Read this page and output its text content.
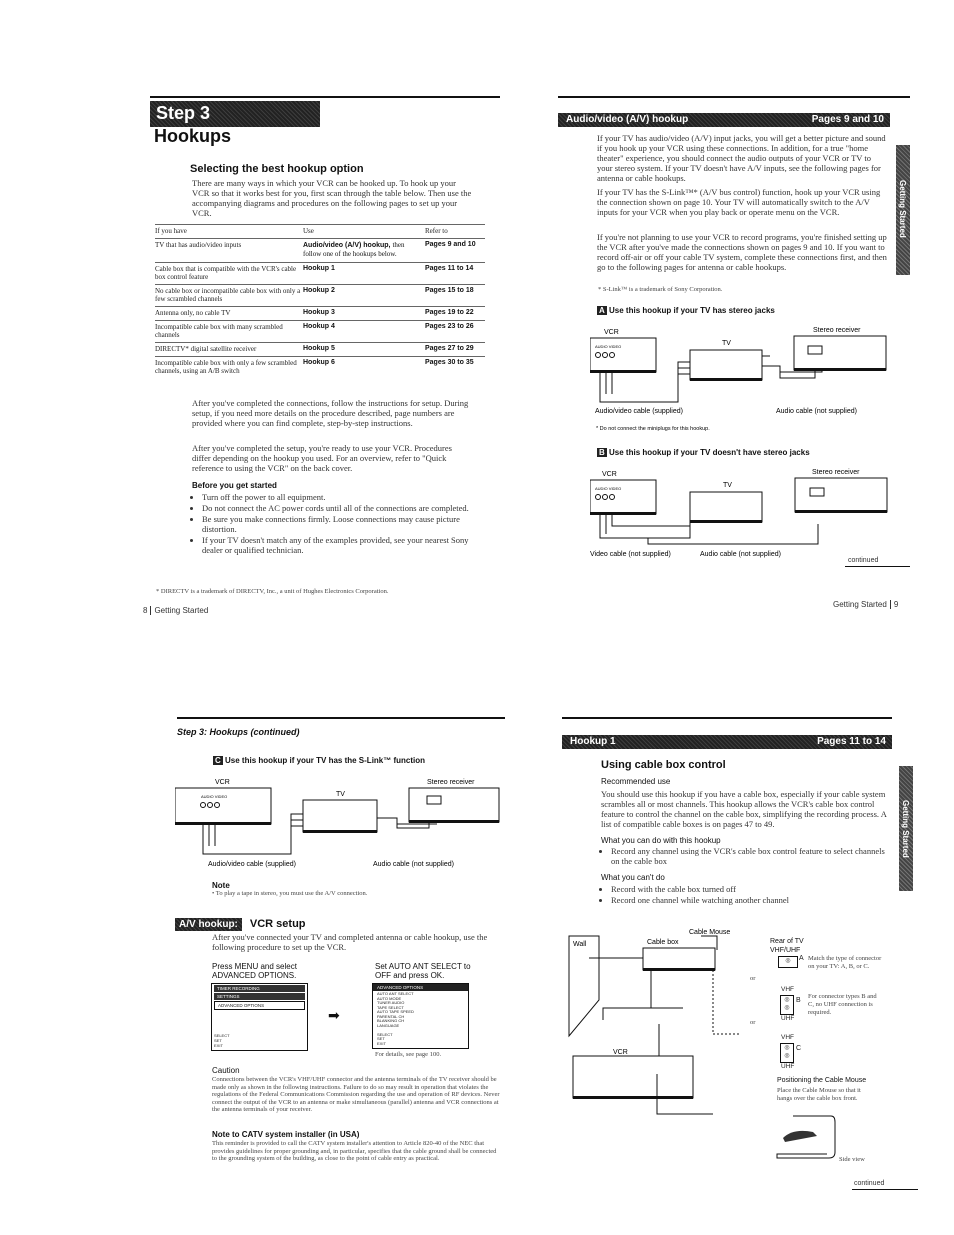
Step 3
Hookups
Selecting the best hookup option
There are many ways in which your VCR can be hooked up. To hook up your VCR so that it works best for you, first scan through the table below. Then use the accompanying diagrams and procedures on the following pages to set up your VCR.
If you have	Use	Refer to
TV that has audio/video inputs	Audio/video (A/V) hookup, then follow one of the hookups below.	Pages 9 and 10
Cable box that is compatible with the VCR's cable box control feature	Hookup 1	Pages 11 to 14
No cable box or incompatible cable box with only a few scrambled channels	Hookup 2	Pages 15 to 18
Antenna only, no cable TV	Hookup 3	Pages 19 to 22
Incompatible cable box with many scrambled channels	Hookup 4	Pages 23 to 26
DIRECTV* digital satellite receiver	Hookup 5	Pages 27 to 29
Incompatible cable box with only a few scrambled channels, using an A/B switch	Hookup 6	Pages 30 to 35
After you've completed the connections, follow the instructions for setup. During setup, if you need more details on the procedure described, page numbers are provided where you can find complete, step-by-step instructions.
After you've completed the setup, you're ready to use your VCR. Procedures differ depending on the hookup you used. For an overview, refer to "Quick reference to using the VCR" on the back cover.
Before you get started
• Turn off the power to all equipment.
• Do not connect the AC power cords until all of the connections are completed.
• Be sure you make connections firmly. Loose connections may cause picture distortion.
• If your TV doesn't match any of the examples provided, see your nearest Sony dealer or qualified technician.
* DIRECTV is a trademark of DIRECTV, Inc., a unit of Hughes Electronics Corporation.
8 Getting Started
Audio/video (A/V) hookup	Pages 9 and 10
If your TV has audio/video (A/V) input jacks, you will get a better picture and sound if you hook up your VCR using these connections. In addition, for a true "home theater" experience, you should connect the audio outputs of your VCR or TV to your stereo system. If your TV doesn't have A/V inputs, see the following pages for antenna or cable hookups.
If your TV has the S-Link™* (A/V bus control) function, hook up your VCR using the connection shown on page 10. Your TV will automatically switch to the A/V inputs for your VCR when you play back or operate menu on the VCR.
If you're not planning to use your VCR to record programs, you're finished setting up the VCR after you've made the connections shown on pages 9 and 10. If you want to record off-air or off your cable TV system, complete these connections first, and then go to the following pages for antenna or cable hookups.
* S-Link™ is a trademark of Sony Corporation.
Getting Started
A Use this hookup if your TV has stereo jacks
VCR
TV
Stereo receiver
AUDIO VIDEO
Audio/video cable (supplied)	Audio cable (not supplied)
* Do not connect the miniplugs for this hookup.
B Use this hookup if your TV doesn't have stereo jacks
VCR
TV
Stereo receiver
AUDIO VIDEO
Video cable (not supplied)	Audio cable (not supplied)
continued
Getting Started 9
Step 3: Hookups (continued)
C Use this hookup if your TV has the S-Link™ function
VCR
TV
Stereo receiver
AUDIO VIDEO
Audio/video cable (supplied)	Audio cable (not supplied)
Note
• To play a tape in stereo, you must use the A/V connection.
A/V hookup: VCR setup
After you've connected your TV and completed antenna or cable hookup, use the following procedure to set up the VCR.
Press MENU and select ADVANCED OPTIONS.
Set AUTO ANT SELECT to OFF and press OK.
TIMER RECORDING
SETTINGS
ADVANCED OPTIONS
SELECT
SET
EXIT
➡
ADVANCED OPTIONS
AUTO ANT SELECT
AUTO MODE
TUNER AUDIO
TAPE SELECT
AUTO TAPE SPEED
PARENTAL CH
BLANKING CH
LANGUAGE
SELECT
SET
EXIT
For details, see page 100.
Caution
Connections between the VCR's VHF/UHF connector and the antenna terminals of the TV receiver should be made only as shown in the following instructions. Failure to do so may result in operation that violates the regulations of the Federal Communications Commission regarding the use and operation of RF devices. Never connect the output of the VCR to an antenna or make simultaneous (parallel) antenna and VCR connections at the antenna terminals of your receiver.
Note to CATV system installer (in USA)
This reminder is provided to call the CATV system installer's attention to Article 820-40 of the NEC that provides guidelines for proper grounding and, in particular, specifies that the cable ground shall be connected to the grounding system of the building, as close to the point of cable entry as practical.
Hookup 1	Pages 11 to 14
Getting Started
Using cable box control
Recommended use
You should use this hookup if you have a cable box, especially if your cable system scrambles all or most channels. This hookup allows the VCR's cable box control feature to control the channel on the cable box, simplifying the recording process. A list of compatible cable boxes is on pages 47 to 49.
What you can do with this hookup
• Record any channel using the VCR's cable box control feature to select channels on the cable box
What you can't do
• Record with the cable box turned off
• Record one channel while watching another channel
Wall	Cable box
Cable Mouse
VCR
Rear of TV
VHF/UHF
◎	A Match the type of connector on your TV: A, B, or C.
or
VHF
◎
◎
B
UHF
For connector types B and C, no UHF connection is required.
or
VHF
◎
◎
C
UHF
Positioning the Cable Mouse
Place the Cable Mouse so that it hangs over the cable box front.
Side view
continued
